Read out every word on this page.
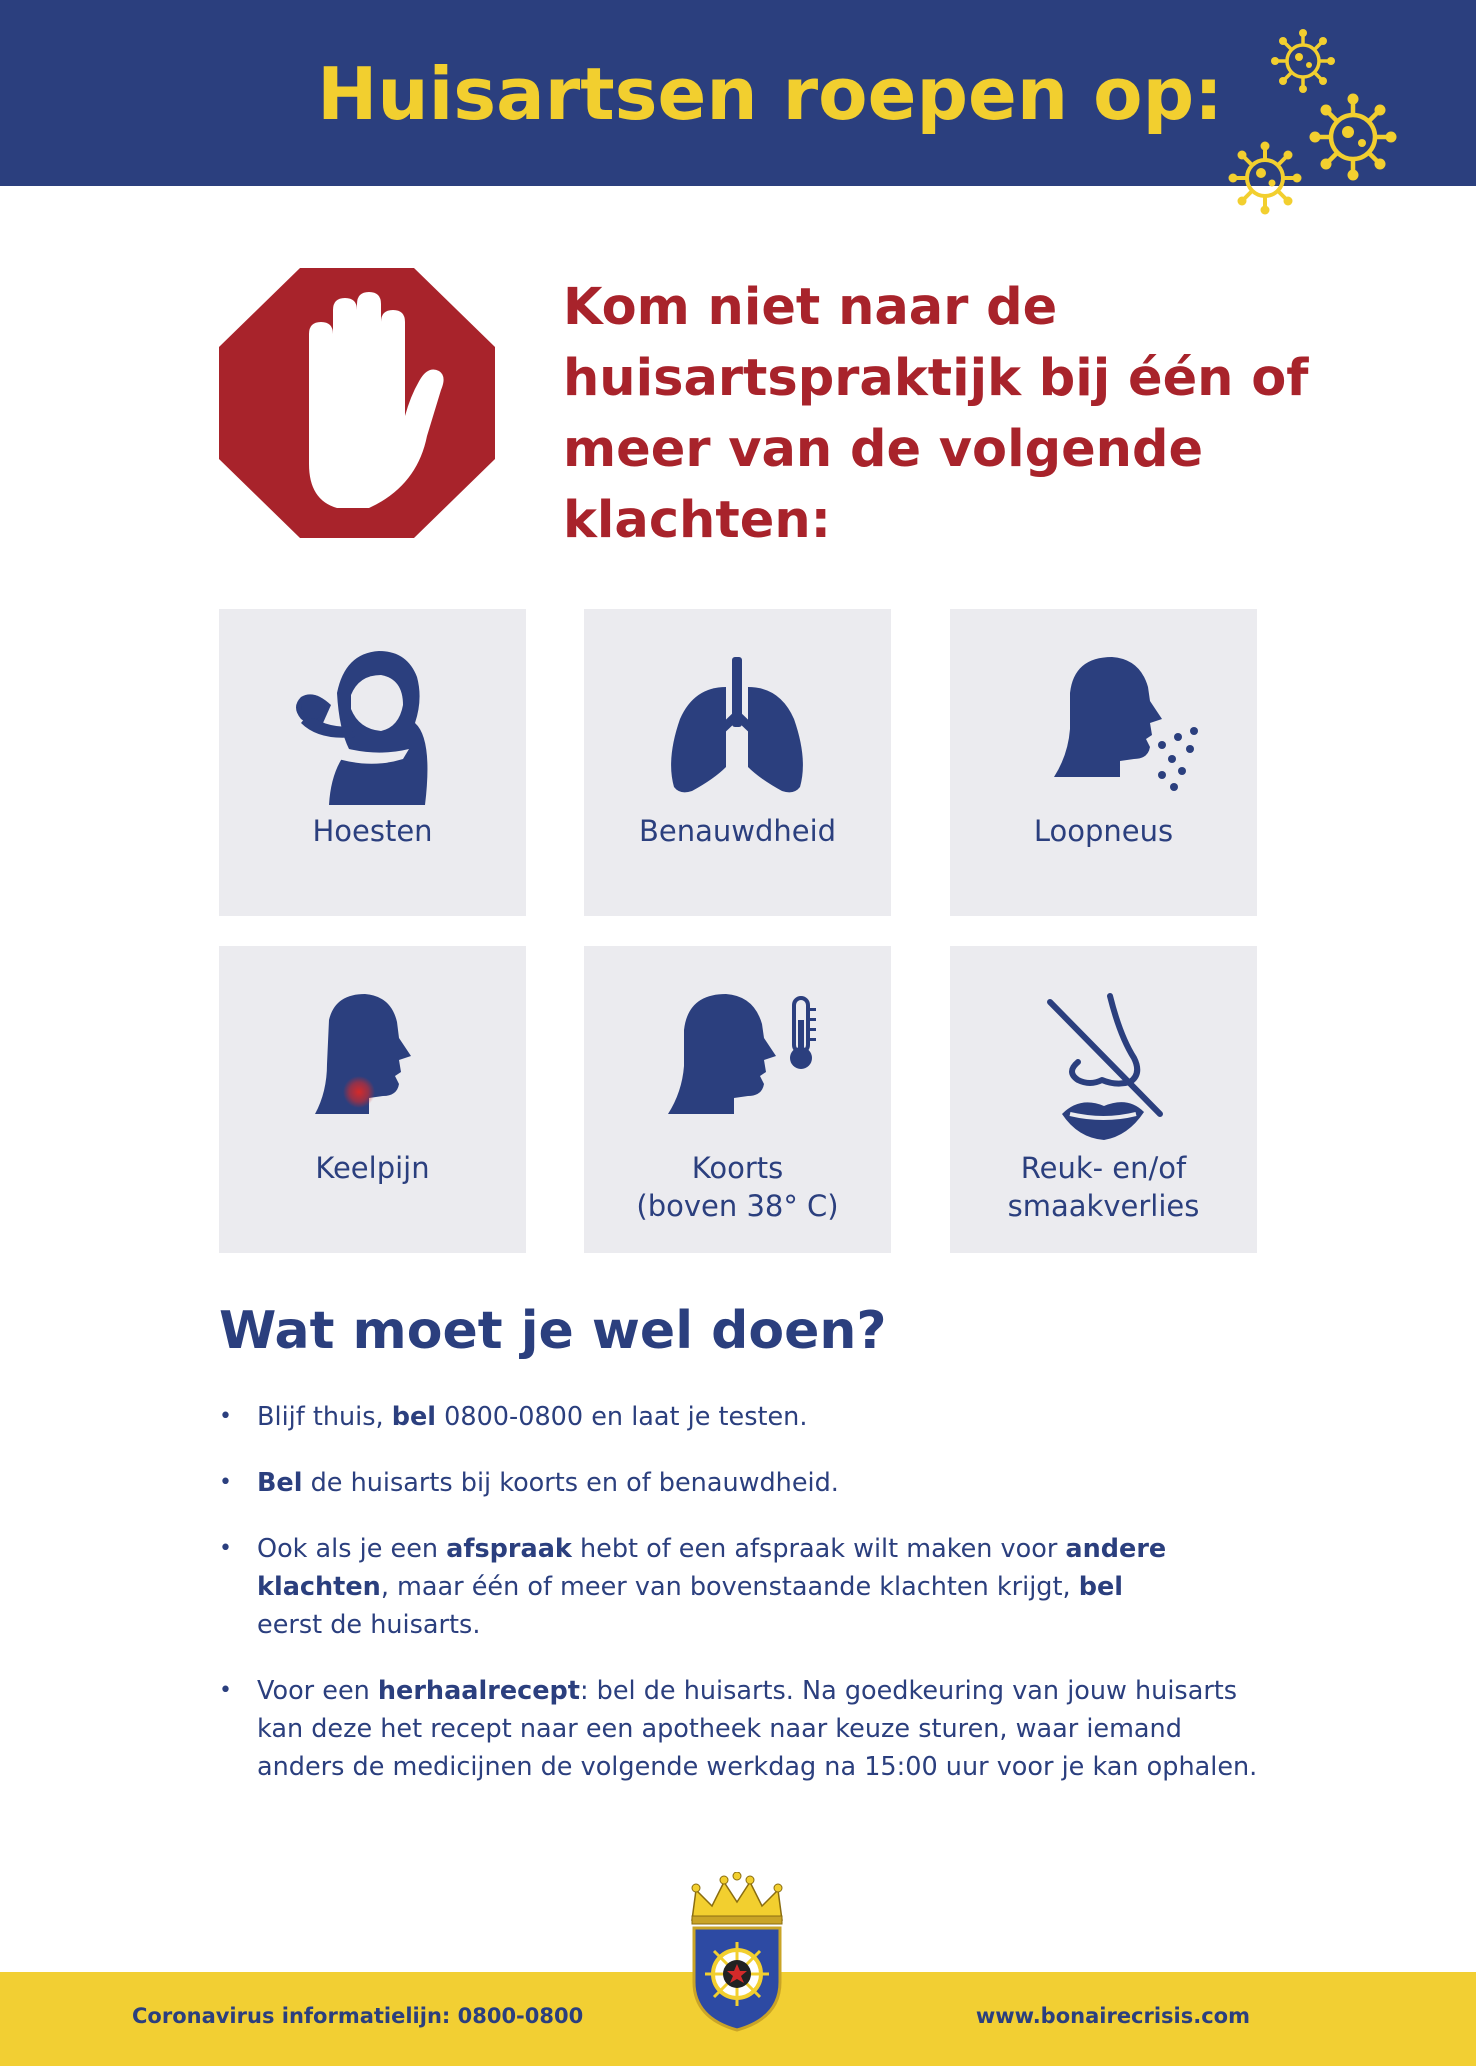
Huisartsen roepen op:
Kom niet naar de huisartspraktijk bij één of meer van de volgende klachten:
Hoesten	Benauwdheid	Loopneus
Keelpijn	Koorts
(boven 38° C)
Reuk- en/of
smaakverlies
Wat moet je wel doen?
• Blijf thuis, bel 0800-0800 en laat je testen.
• Bel de huisarts bij koorts en of benauwdheid.
• Ook als je een afspraak hebt of een afspraak wilt maken voor andere klachten, maar één of meer van bovenstaande klachten krijgt, bel eerst de huisarts.
• Voor een herhaalrecept: bel de huisarts. Na goedkeuring van jouw huisarts kan deze het recept naar een apotheek naar keuze sturen, waar iemand anders de medicijnen de volgende werkdag na 15:00 uur voor je kan ophalen.
Coronavirus informatielijn: 0800-0800	www.bonairecrisis.com
